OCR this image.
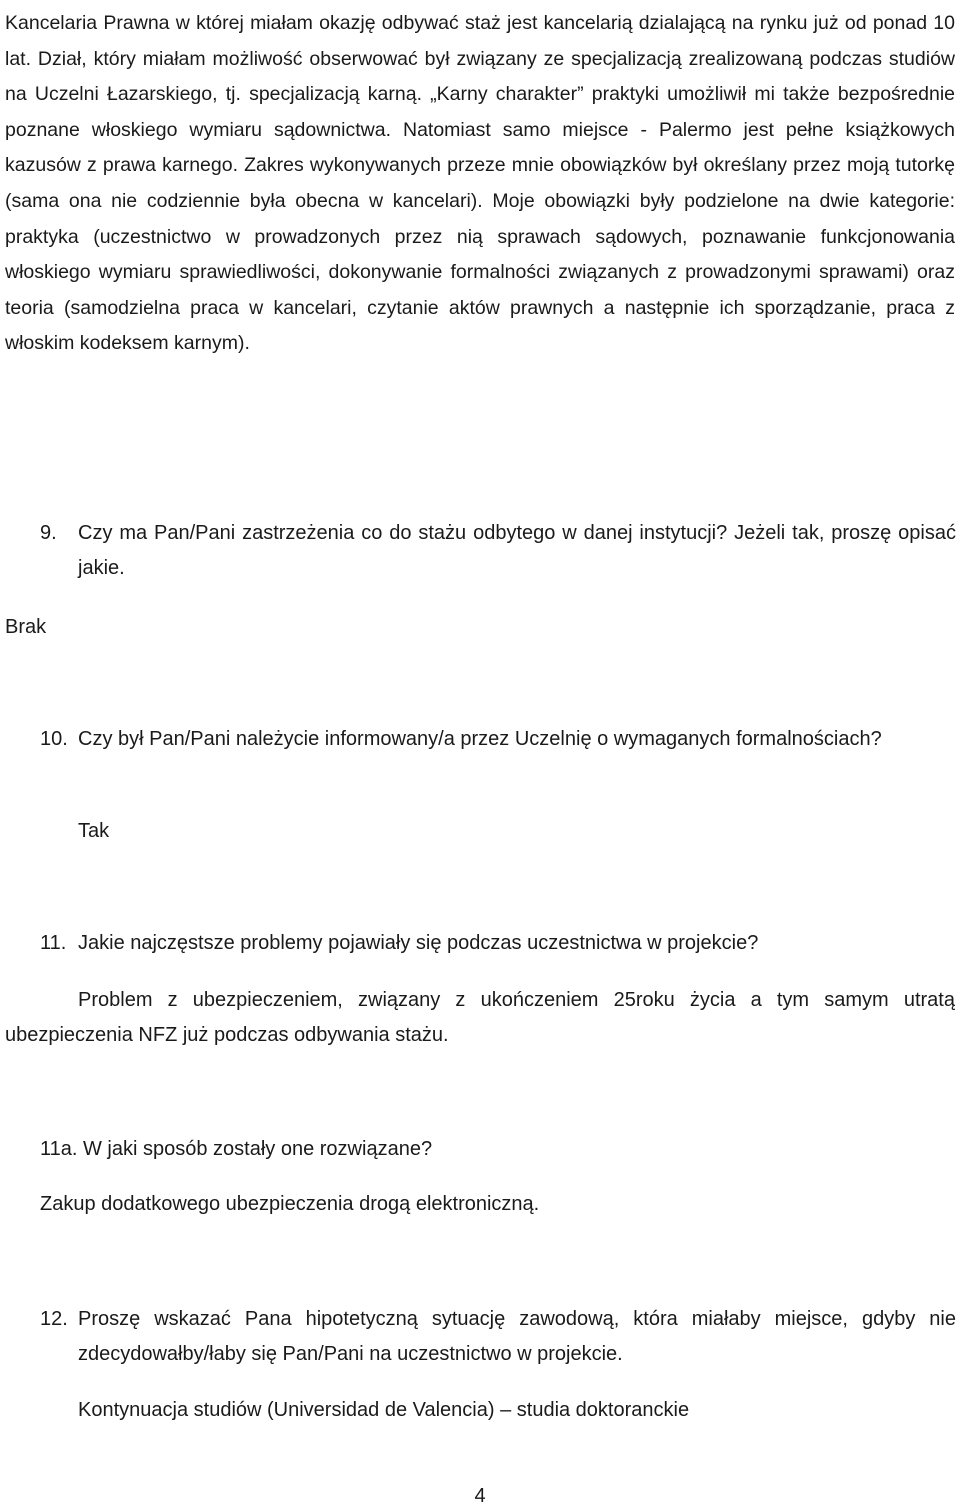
Kancelaria Prawna w której miałam okazję odbywać staż jest kancelarią dzialającą na rynku już od ponad 10 lat. Dział, który miałam możliwość obserwować był związany ze specjalizacją zrealizowaną podczas studiów na Uczelni Łazarskiego, tj. specjalizacją karną. „Karny charakter” praktyki umożliwił mi także bezpośrednie poznane włoskiego wymiaru sądownictwa. Natomiast samo miejsce - Palermo jest pełne książkowych kazusów z prawa karnego. Zakres wykonywanych przeze mnie obowiązków był określany przez moją tutorkę (sama ona nie codziennie była obecna w kancelari). Moje obowiązki były podzielone na dwie kategorie: praktyka (uczestnictwo w prowadzonych przez nią sprawach sądowych, poznawanie funkcjonowania włoskiego wymiaru sprawiedliwości, dokonywanie formalności związanych z prowadzonymi sprawami) oraz teoria (samodzielna praca w kancelari, czytanie aktów prawnych a następnie ich sporządzanie, praca z włoskim kodeksem karnym).

9.	Czy ma Pan/Pani zastrzeżenia co do stażu odbytego w danej instytucji? Jeżeli tak, proszę opisać jakie.

Brak

10. Czy był Pan/Pani należycie informowany/a przez Uczelnię o wymaganych formalnościach?

Tak

11. Jakie najczęstsze problemy pojawiały się podczas uczestnictwa w projekcie?

Problem z ubezpieczeniem, związany z ukończeniem 25roku życia a tym samym utratą ubezpieczenia NFZ już podczas odbywania stażu.

11a. W jaki sposób zostały one rozwiązane?

Zakup dodatkowego ubezpieczenia drogą elektroniczną.

12. Proszę wskazać Pana hipotetyczną sytuację zawodową, która miałaby miejsce, gdyby nie zdecydowałby/łaby się Pan/Pani na uczestnictwo w projekcie.

Kontynuacja studiów (Universidad de Valencia) – studia doktoranckie

4
